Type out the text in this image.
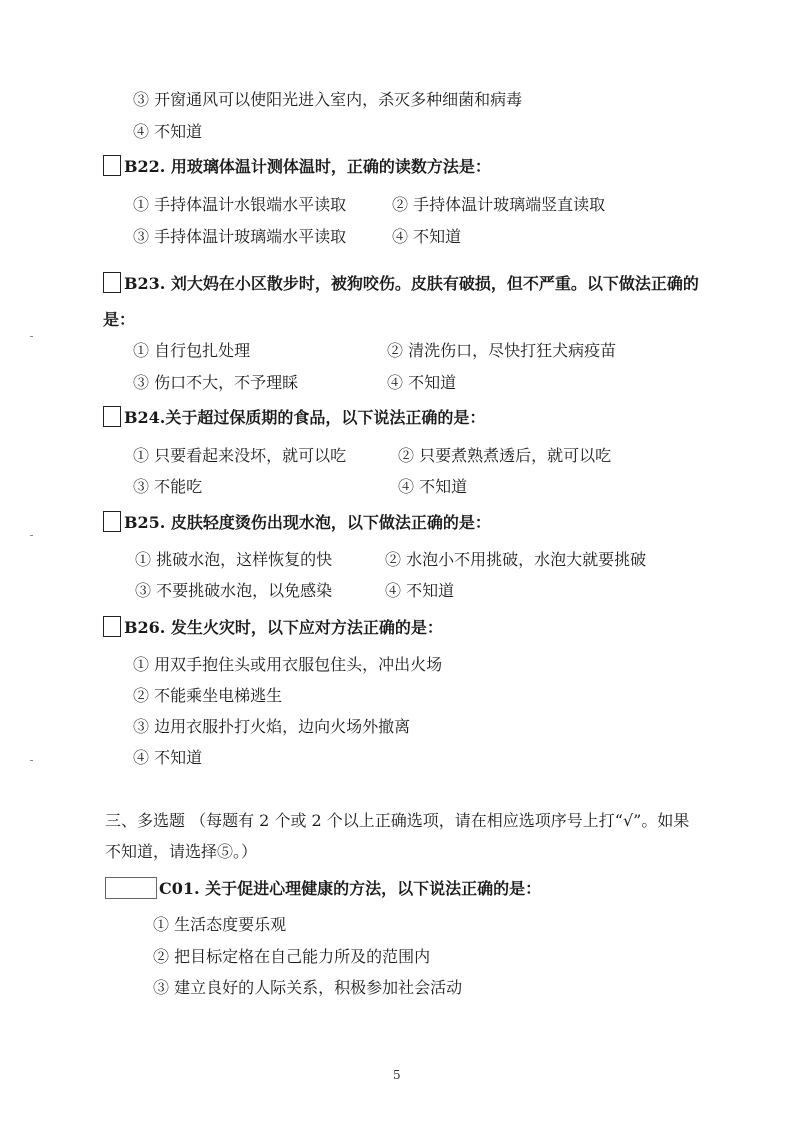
③ 开窗通风可以使阳光进入室内，杀灭多种细菌和病毒
④ 不知道
B22. 用玻璃体温计测体温时，正确的读数方法是：
① 手持体温计水银端水平读取	② 手持体温计玻璃端竖直读取
③ 手持体温计玻璃端水平读取	④ 不知道
B23. 刘大妈在小区散步时，被狗咬伤。皮肤有破损，但不严重。以下做法正确的
是：
① 自行包扎处理	② 清洗伤口，尽快打狂犬病疫苗
③ 伤口不大，不予理睬	④ 不知道
B24.关于超过保质期的食品，以下说法正确的是：
① 只要看起来没坏，就可以吃	② 只要煮熟煮透后，就可以吃
③ 不能吃	④ 不知道
B25. 皮肤轻度烫伤出现水泡，以下做法正确的是：
① 挑破水泡，这样恢复的快	② 水泡小不用挑破，水泡大就要挑破
③ 不要挑破水泡，以免感染	④ 不知道
B26. 发生火灾时，以下应对方法正确的是：
① 用双手抱住头或用衣服包住头，冲出火场
② 不能乘坐电梯逃生
③ 边用衣服扑打火焰，边向火场外撤离
④ 不知道
三、多选题 （每题有 2 个或 2 个以上正确选项，请在相应选项序号上打“√”。如果
不知道，请选择⑤。）
C01. 关于促进心理健康的方法，以下说法正确的是：
① 生活态度要乐观
② 把目标定格在自己能力所及的范围内
③ 建立良好的人际关系，积极参加社会活动
5
